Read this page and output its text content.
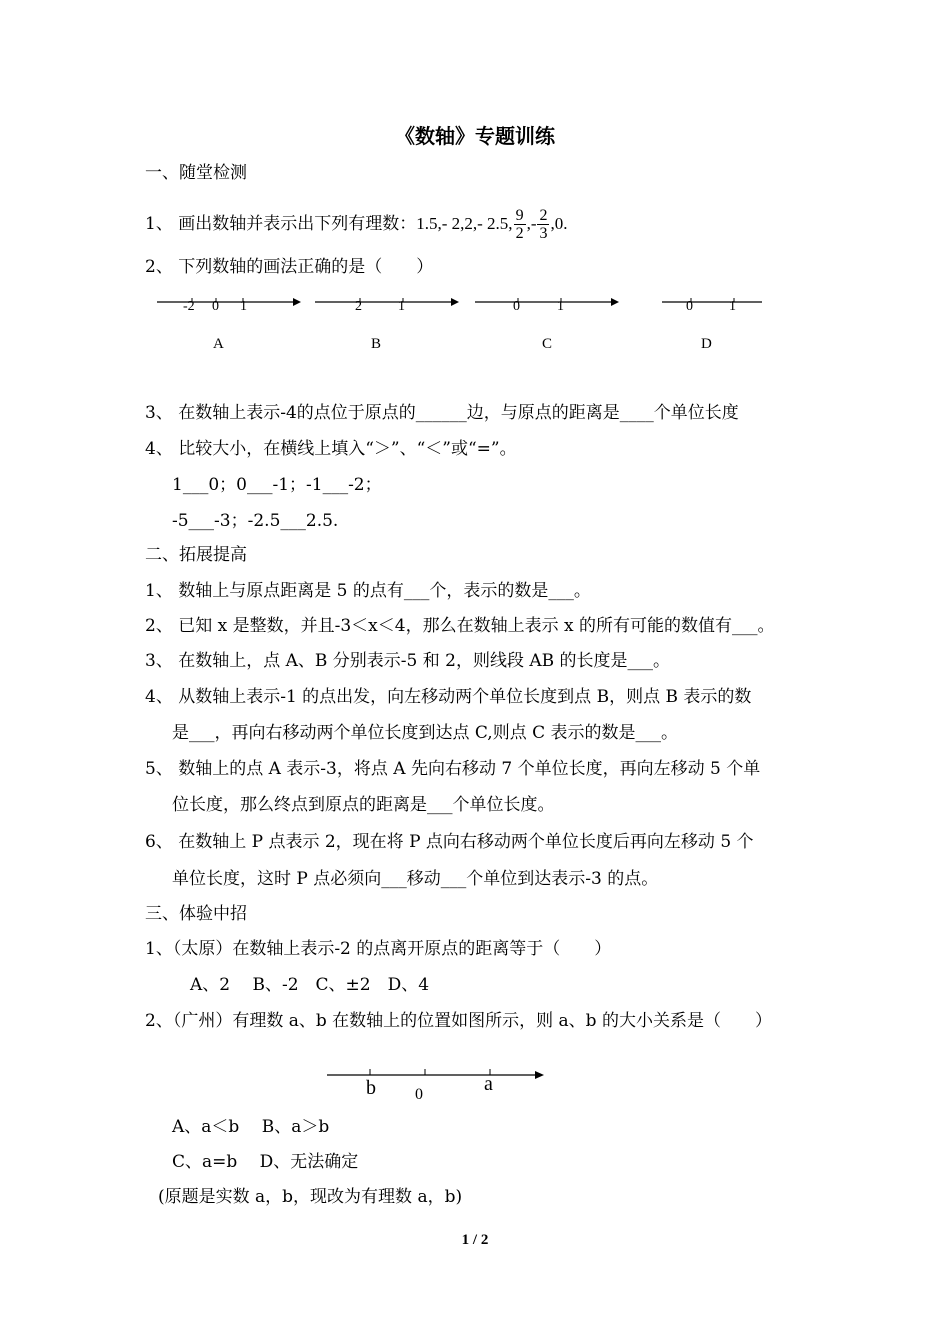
《数轴》专题训练
一、随堂检测
1、 画出数轴并表示出下列有理数：1.5,- 2,2,- 2.5, $\frac{9}{2}$ ,- $\frac{2}{3} ,0$.
2、 下列数轴的画法正确的是（　　）
-2 0 1	2	1	0	1	0	1
A	B	C	D
3、 在数轴上表示-4的点位于原点的______边，与原点的距离是____个单位长度
4、 比较大小，在横线上填入“＞”、“＜”或“=”。
1___0；0___-1；-1___-2；
-5___-3；-2.5___2.5.
二、拓展提高
1、 数轴上与原点距离是 5 的点有___个，表示的数是___。
2、 已知 x 是整数，并且-3＜x＜4，那么在数轴上表示 x 的所有可能的数值有___。
3、 在数轴上，点 A、B 分别表示-5 和 2，则线段 AB 的长度是___。
4、 从数轴上表示-1 的点出发，向左移动两个单位长度到点 B，则点 B 表示的数
是___，再向右移动两个单位长度到达点 C,则点 C 表示的数是___。
5、 数轴上的点 A 表示-3，将点 A 先向右移动 7 个单位长度，再向左移动 5 个单
位长度，那么终点到原点的距离是___个单位长度。
6、 在数轴上 P 点表示 2，现在将 P 点向右移动两个单位长度后再向左移动 5 个
单位长度，这时 P 点必须向___移动___个单位到达表示-3 的点。
三、体验中招
1、（太原）在数轴上表示-2 的点离开原点的距离等于（　　）
A、2　 B、-2　C、±2　D、4
2、（广州）有理数 a、b 在数轴上的位置如图所示，则 a、b 的大小关系是（　　）
b 0	a
A、a＜b　 B、a＞b
C、a=b　 D、无法确定
(原题是实数 a，b，现改为有理数 a，b)
1 / 2
